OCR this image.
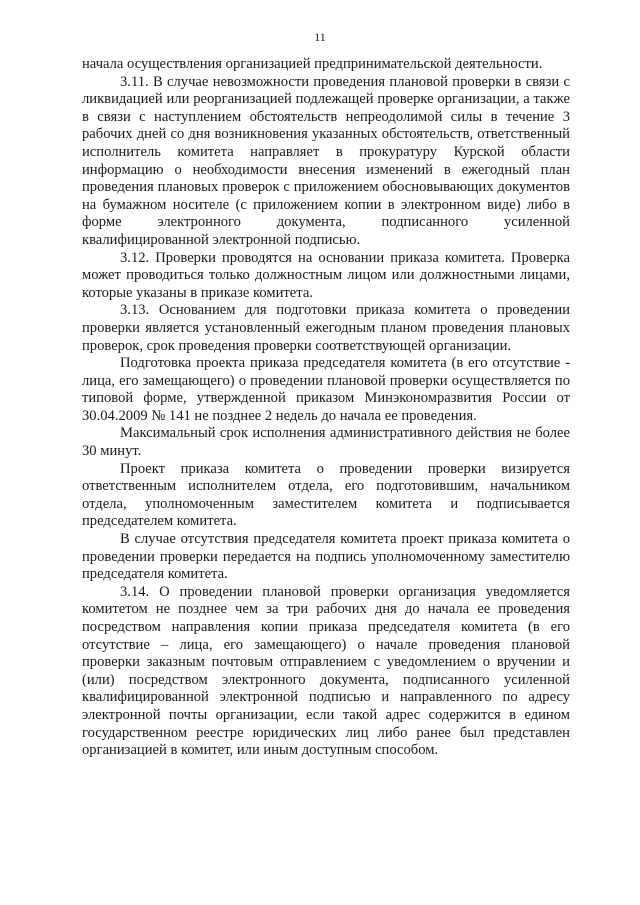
11

начала осуществления организацией предпринимательской деятельности.

3.11. В случае невозможности проведения плановой проверки в связи с ликвидацией или реорганизацией подлежащей проверке организации, а также в связи с наступлением обстоятельств непреодолимой силы в течение 3 рабочих дней со дня возникновения указанных обстоятельств, ответственный исполнитель комитета направляет в прокуратуру Курской области информацию о необходимости внесения изменений в ежегодный план проведения плановых проверок с приложением обосновывающих документов на бумажном носителе (с приложением копии в электронном виде) либо в форме электронного документа, подписанного усиленной квалифицированной электронной подписью.

3.12. Проверки проводятся на основании приказа комитета. Проверка может проводиться только должностным лицом или должностными лицами, которые указаны в приказе комитета.

3.13. Основанием для подготовки приказа комитета о проведении проверки является установленный ежегодным планом проведения плановых проверок, срок проведения проверки соответствующей организации.

Подготовка проекта приказа председателя комитета (в его отсутствие - лица, его замещающего) о проведении плановой проверки осуществляется по типовой форме, утвержденной приказом Минэкономразвития России от 30.04.2009 № 141 не позднее 2 недель до начала ее проведения.

Максимальный срок исполнения административного действия не более 30 минут.

Проект приказа комитета о проведении проверки визируется ответственным исполнителем отдела, его подготовившим, начальником отдела, уполномоченным заместителем комитета и подписывается председателем комитета.

В случае отсутствия председателя комитета проект приказа комитета о проведении проверки передается на подпись уполномоченному заместителю председателя комитета.

3.14. О проведении плановой проверки организация уведомляется комитетом не позднее чем за три рабочих дня до начала ее проведения посредством направления копии приказа председателя комитета (в его отсутствие – лица, его замещающего) о начале проведения плановой проверки заказным почтовым отправлением с уведомлением о вручении и (или) посредством электронного документа, подписанного усиленной квалифицированной электронной подписью и направленного по адресу электронной почты организации, если такой адрес содержится в едином государственном реестре юридических лиц либо ранее был представлен организацией в комитет, или иным доступным способом.
